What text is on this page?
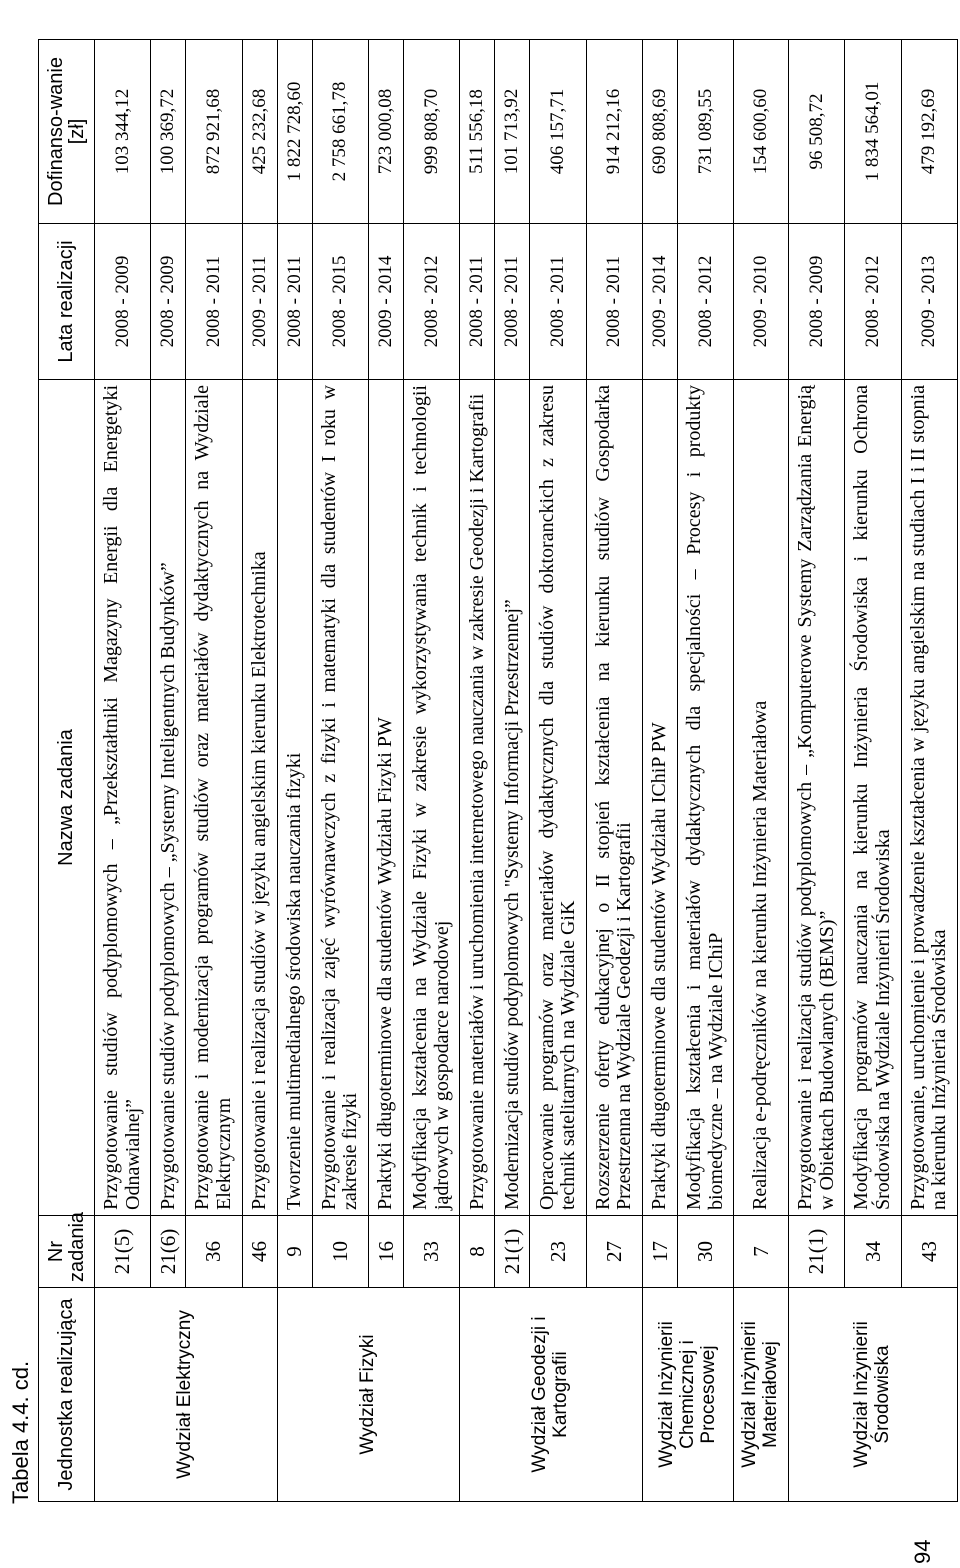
Tabela 4.4. cd.
94
Jednostka realizująca	Nr zadania	Nazwa zadania	Lata realizacji	Dofinanso-wanie [zł]
Wydział Elektryczny	21(5)	Przygotowanie studiów podyplomowych – „Przekształtniki Magazyny Energii dla Energetyki Odnawialnej”	2008 - 2009	103 344,12
	21(6)	Przygotowanie studiów podyplomowych – „Systemy Inteligentnych Budynków”	2008 - 2009	100 369,72
	36	Przygotowanie i modernizacja programów studiów oraz materiałów dydaktycznych na Wydziale Elektrycznym	2008 - 2011	872 921,68
	46	Przygotowanie i realizacja studiów w języku angielskim kierunku Elektrotechnika	2009 - 2011	425 232,68
Wydział Fizyki	9	Tworzenie multimedialnego środowiska nauczania fizyki	2008 - 2011	1 822 728,60
	10	Przygotowanie i realizacja zajęć wyrównawczych z fizyki i matematyki dla studentów I roku w zakresie fizyki	2008 - 2015	2 758 661,78
	16	Praktyki długoterminowe dla studentów Wydziału Fizyki PW	2009 - 2014	723 000,08
	33	Modyfikacja kształcenia na Wydziale Fizyki w zakresie wykorzystywania technik i technologii jądrowych w gospodarce narodowej	2008 - 2012	999 808,70
Wydział Geodezji i Kartografii	8	Przygotowanie materiałów i uruchomienia internetowego nauczania w zakresie Geodezji i Kartografii	2008 - 2011	511 556,18
	21(1)	Modernizacja studiów podyplomowych "Systemy Informacji Przestrzennej”	2008 - 2011	101 713,92
	23	Opracowanie programów oraz materiałów dydaktycznych dla studiów doktoranckich z zakresu technik satelitarnych na Wydziale GiK	2008 - 2011	406 157,71
	27	Rozszerzenie oferty edukacyjnej o II stopień kształcenia na kierunku studiów Gospodarka Przestrzenna na Wydziale Geodezji i Kartografii	2008 - 2011	914 212,16
Wydział Inżynierii Chemicznej i Procesowej	17	Praktyki długoterminowe dla studentów Wydziału IChiP PW	2009 - 2014	690 808,69
	30	Modyfikacja kształcenia i materiałów dydaktycznych dla specjalności – Procesy i produkty biomedyczne – na Wydziale IChiP	2008 - 2012	731 089,55
Wydział Inżynierii Materiałowej	7	Realizacja e-podręczników na kierunku Inżynieria Materiałowa	2009 - 2010	154 600,60
Wydział Inżynierii Środowiska	21(1)	Przygotowanie i realizacja studiów podyplomowych – „Komputerowe Systemy Zarządzania Energią w Obiektach Budowlanych (BEMS)”	2008 - 2009	96 508,72
	34	Modyfikacja programów nauczania na kierunku Inżynieria Środowiska i kierunku Ochrona Środowiska na Wydziale Inżynierii Środowiska	2008 - 2012	1 834 564,01
	43	Przygotowanie, uruchomienie i prowadzenie kształcenia w języku angielskim na studiach I i II stopnia na kierunku Inżynieria Środowiska	2009 - 2013	479 192,69
